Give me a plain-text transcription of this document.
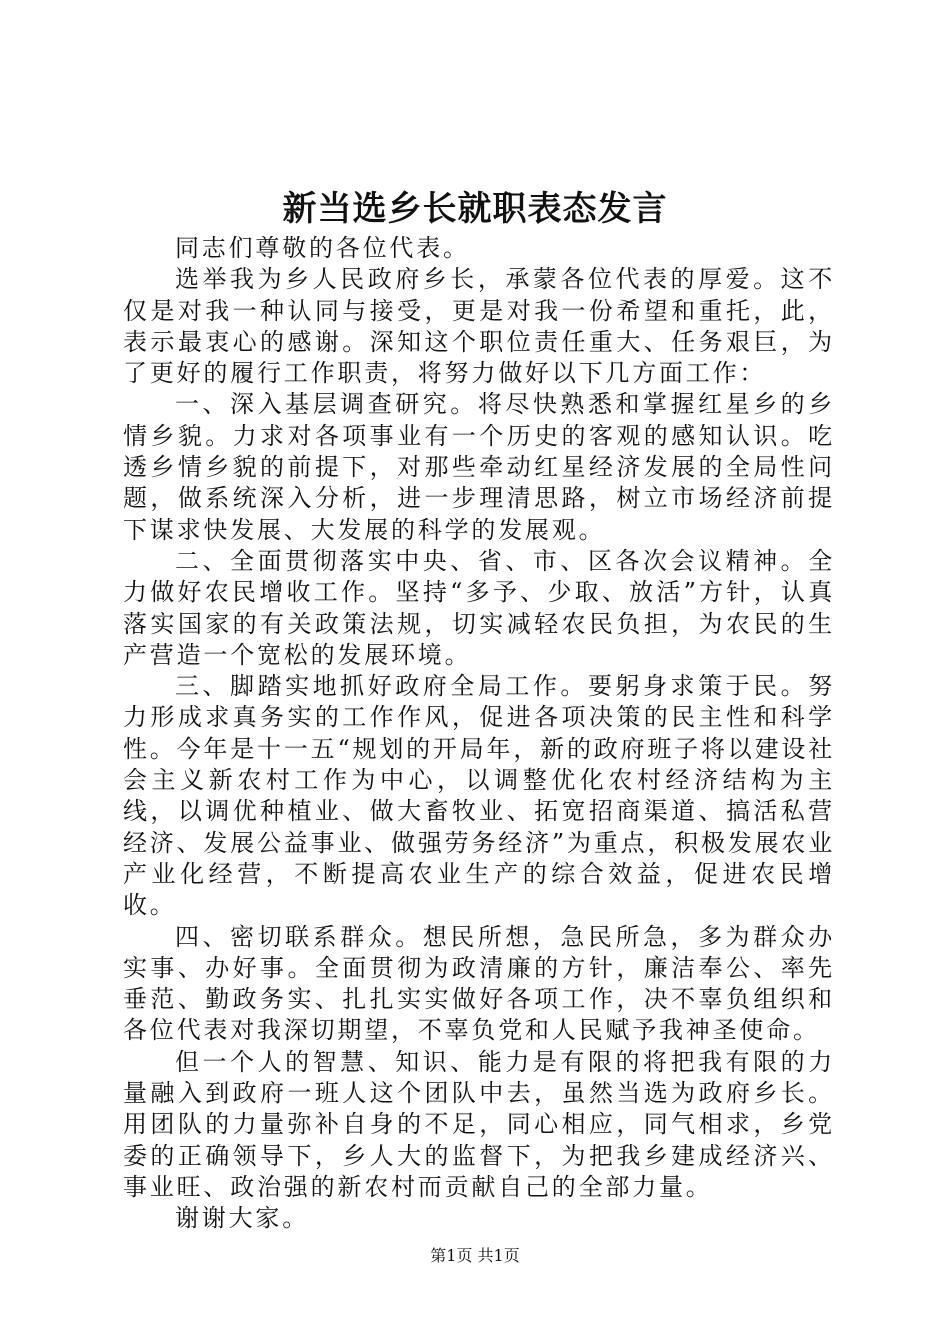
新当选乡长就职表态发言

同志们尊敬的各位代表。

选举我为乡人民政府乡长，承蒙各位代表的厚爱。这不仅是对我一种认同与接受，更是对我一份希望和重托，此，表示最衷心的感谢。深知这个职位责任重大、任务艰巨，为了更好的履行工作职责，将努力做好以下几方面工作：

一、深入基层调查研究。将尽快熟悉和掌握红星乡的乡情乡貌。力求对各项事业有一个历史的客观的感知认识。吃透乡情乡貌的前提下，对那些牵动红星经济发展的全局性问题，做系统深入分析，进一步理清思路，树立市场经济前提下谋求快发展、大发展的科学的发展观。

二、全面贯彻落实中央、省、市、区各次会议精神。全力做好农民增收工作。坚持“多予、少取、放活”方针，认真落实国家的有关政策法规，切实减轻农民负担，为农民的生产营造一个宽松的发展环境。

三、脚踏实地抓好政府全局工作。要躬身求策于民。努力形成求真务实的工作作风，促进各项决策的民主性和科学性。今年是十一五“规划的开局年，新的政府班子将以建设社会主义新农村工作为中心，以调整优化农村经济结构为主线，以调优种植业、做大畜牧业、拓宽招商渠道、搞活私营经济、发展公益事业、做强劳务经济”为重点，积极发展农业产业化经营，不断提高农业生产的综合效益，促进农民增收。

四、密切联系群众。想民所想，急民所急，多为群众办实事、办好事。全面贯彻为政清廉的方针，廉洁奉公、率先垂范、勤政务实、扎扎实实做好各项工作，决不辜负组织和各位代表对我深切期望，不辜负党和人民赋予我神圣使命。

但一个人的智慧、知识、能力是有限的将把我有限的力量融入到政府一班人这个团队中去，虽然当选为政府乡长。用团队的力量弥补自身的不足，同心相应，同气相求，乡党委的正确领导下，乡人大的监督下，为把我乡建成经济兴、事业旺、政治强的新农村而贡献自己的全部力量。

谢谢大家。

第1页 共1页
